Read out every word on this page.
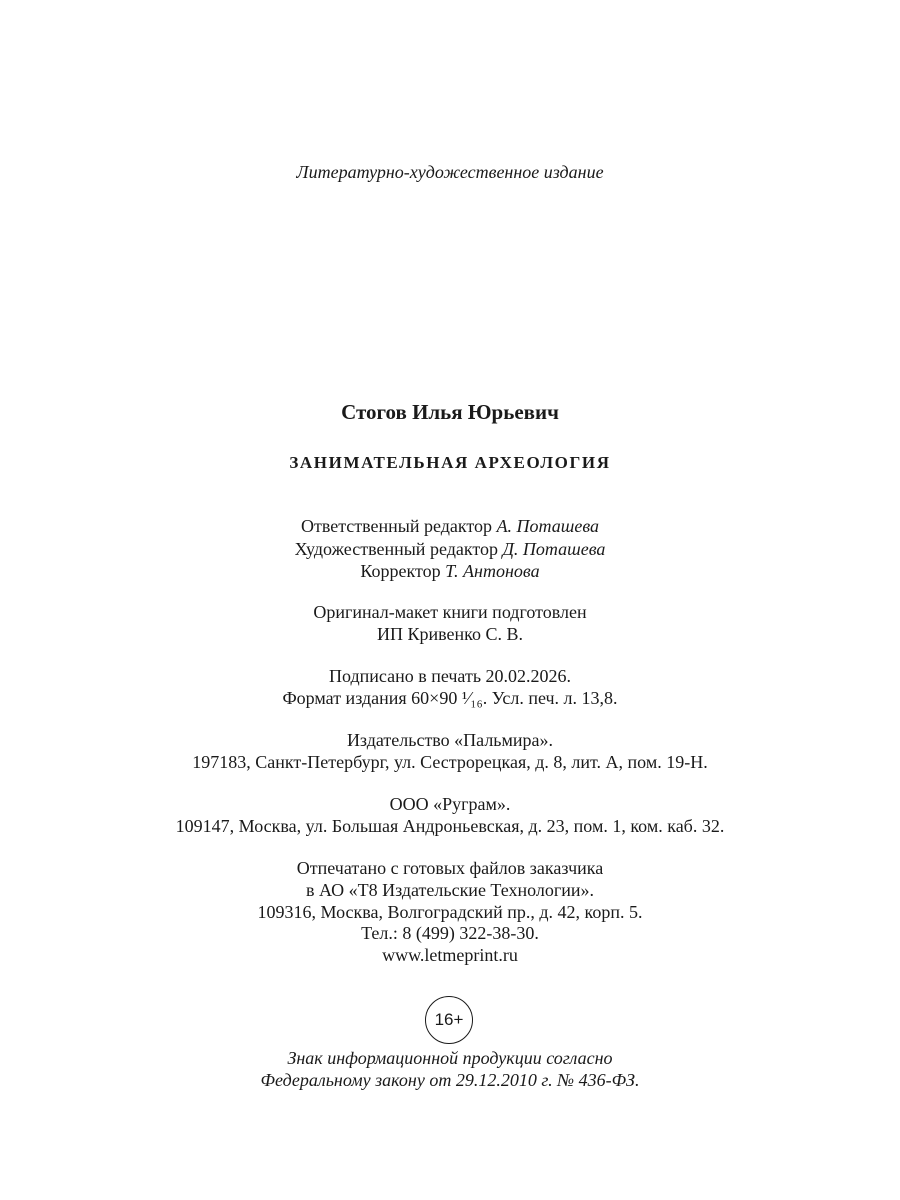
Литературно-художественное издание
Стогов Илья Юрьевич
ЗАНИМАТЕЛЬНАЯ АРХЕОЛОГИЯ
Ответственный редактор А. Поташева
Художественный редактор Д. Поташева
Корректор Т. Антонова
Оригинал-макет книги подготовлен
ИП Кривенко С. В.
Подписано в печать 20.02.2026.
Формат издания 60×90 ¹⁄₁₆. Усл. печ. л. 13,8.
Издательство «Пальмира».
197183, Санкт-Петербург, ул. Сестрорецкая, д. 8, лит. А, пом. 19-Н.
ООО «Руграм».
109147, Москва, ул. Большая Андроньевская, д. 23, пом. 1, ком. каб. 32.
Отпечатано с готовых файлов заказчика
в АО «Т8 Издательские Технологии».
109316, Москва, Волгоградский пр., д. 42, корп. 5.
Тел.: 8 (499) 322-38-30.
www.letmeprint.ru
16+
Знак информационной продукции согласно
Федеральному закону от 29.12.2010 г. № 436-ФЗ.
